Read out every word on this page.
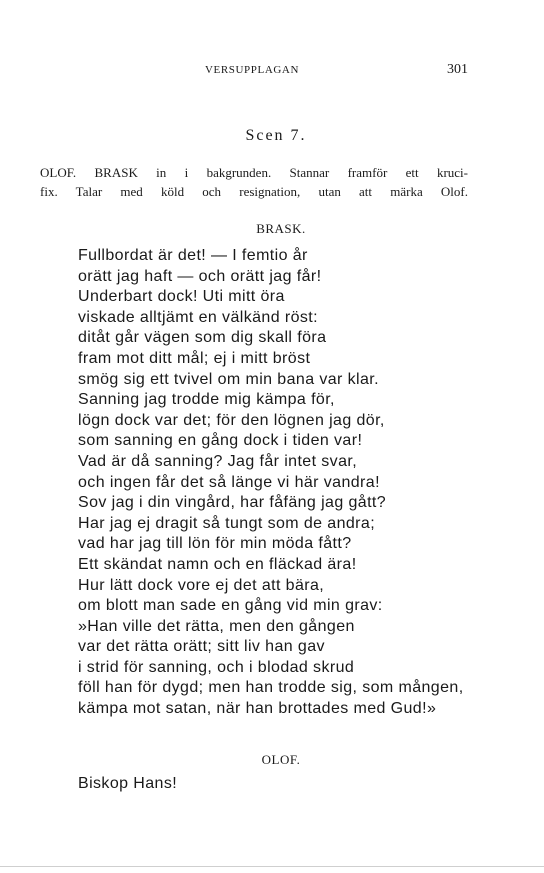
VERSUPPLAGAN	301
Scen 7.
OLOF. BRASK in i bakgrunden. Stannar framför ett kruci-
fix. Talar med köld och resignation, utan att märka Olof.
BRASK.
Fullbordat är det! — I femtio år
orätt jag haft — och orätt jag får!
Underbart dock! Uti mitt öra
viskade alltjämt en välkänd röst:
ditåt går vägen som dig skall föra
fram mot ditt mål; ej i mitt bröst
smög sig ett tvivel om min bana var klar.
Sanning jag trodde mig kämpa för,
lögn dock var det; för den lögnen jag dör,
som sanning en gång dock i tiden var!
Vad är då sanning? Jag får intet svar,
och ingen får det så länge vi här vandra!
Sov jag i din vingård, har fåfäng jag gått?
Har jag ej dragit så tungt som de andra;
vad har jag till lön för min möda fått?
Ett skändat namn och en fläckad ära!
Hur lätt dock vore ej det att bära,
om blott man sade en gång vid min grav:
»Han ville det rätta, men den gången
var det rätta orätt; sitt liv han gav
i strid för sanning, och i blodad skrud
föll han för dygd; men han trodde sig, som mången,
kämpa mot satan, när han brottades med Gud!»
OLOF.
Biskop Hans!
